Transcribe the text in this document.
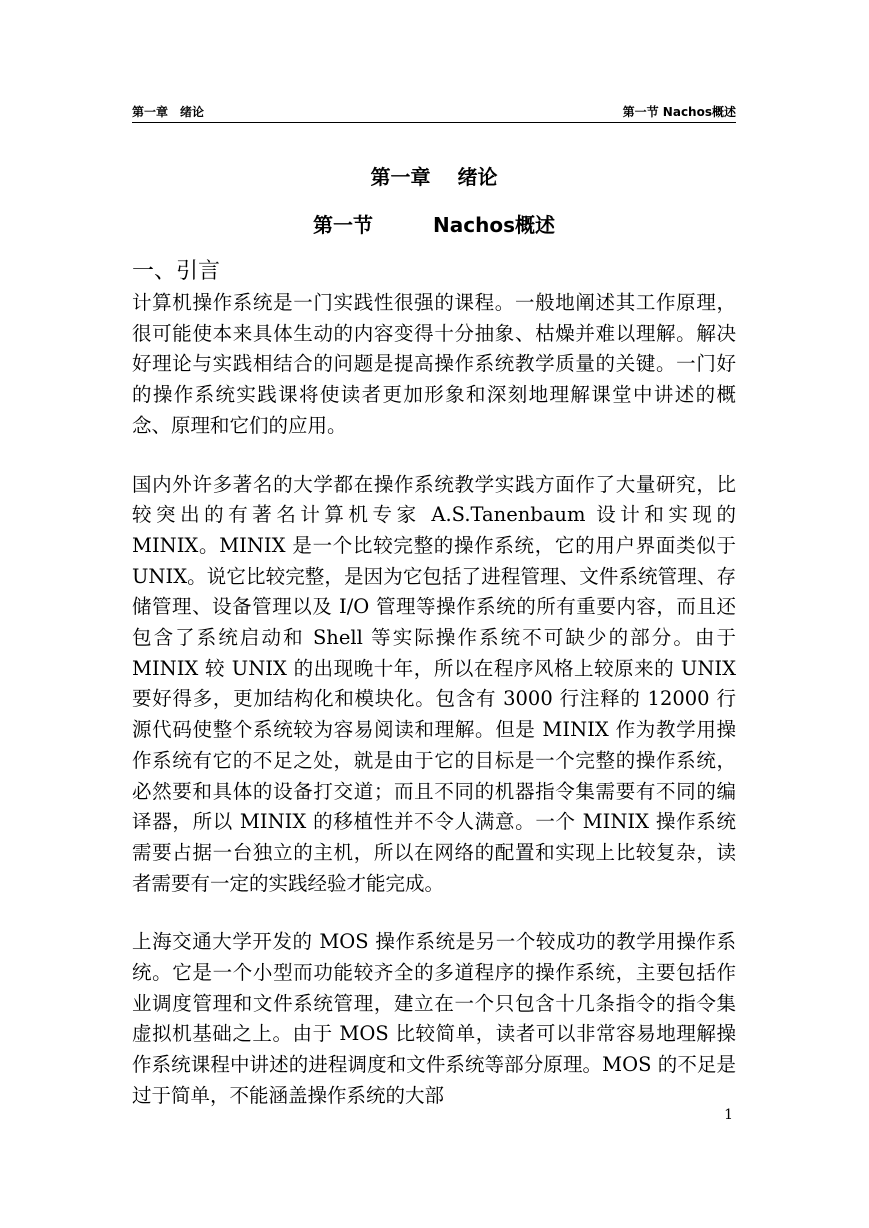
第一章　绪论	第一节 Nachos概述
第一章　 绪论
第一节　　　Nachos概述
一、引言

计算机操作系统是一门实践性很强的课程。一般地阐述其工作原理，很可能使本来具体生动的内容变得十分抽象、枯燥并难以理解。解决好理论与实践相结合的问题是提高操作系统教学质量的关键。一门好的操作系统实践课将使读者更加形象和深刻地理解课堂中讲述的概念、原理和它们的应用。

国内外许多著名的大学都在操作系统教学实践方面作了大量研究，比较突出的有著名计算机专家 A.S.Tanenbaum 设计和实现的 MINIX。MINIX 是一个比较完整的操作系统，它的用户界面类似于 UNIX。说它比较完整，是因为它包括了进程管理、文件系统管理、存储管理、设备管理以及 I/O 管理等操作系统的所有重要内容，而且还包含了系统启动和 Shell 等实际操作系统不可缺少的部分。由于 MINIX 较 UNIX 的出现晚十年，所以在程序风格上较原来的 UNIX 要好得多，更加结构化和模块化。包含有 3000 行注释的 12000 行源代码使整个系统较为容易阅读和理解。但是 MINIX 作为教学用操作系统有它的不足之处，就是由于它的目标是一个完整的操作系统，必然要和具体的设备打交道；而且不同的机器指令集需要有不同的编译器，所以 MINIX 的移植性并不令人满意。一个 MINIX 操作系统需要占据一台独立的主机，所以在网络的配置和实现上比较复杂，读者需要有一定的实践经验才能完成。

上海交通大学开发的 MOS 操作系统是另一个较成功的教学用操作系统。它是一个小型而功能较齐全的多道程序的操作系统，主要包括作业调度管理和文件系统管理，建立在一个只包含十几条指令的指令集虚拟机基础之上。由于 MOS 比较简单，读者可以非常容易地理解操作系统课程中讲述的进程调度和文件系统等部分原理。MOS 的不足是过于简单，不能涵盖操作系统的大部

1
